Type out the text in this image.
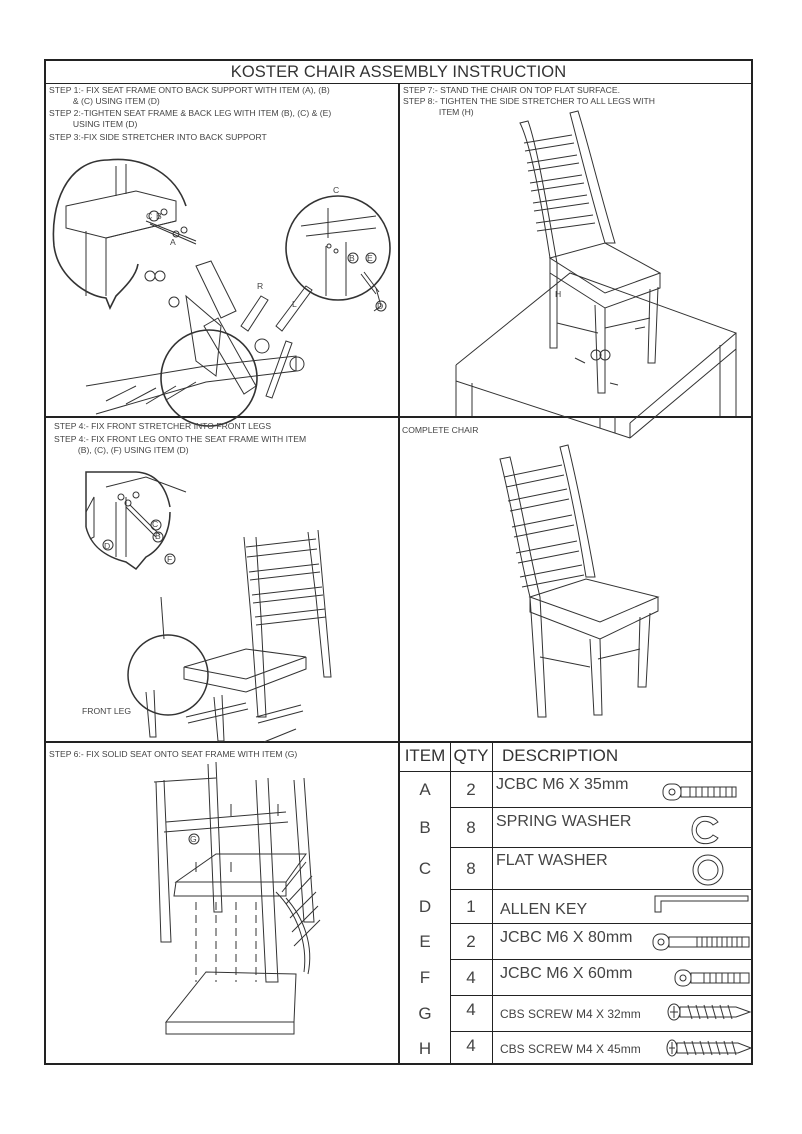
KOSTER CHAIR ASSEMBLY INSTRUCTION
STEP 1:- FIX SEAT FRAME ONTO BACK SUPPORT WITH ITEM (A), (B)
& (C) USING ITEM (D)
STEP 2:-TIGHTEN SEAT FRAME & BACK LEG WITH ITEM (B), (C) & (E)
USING ITEM (D)
STEP 3:-FIX SIDE STRETCHER INTO BACK SUPPORT
C B
A
R
L
C
B E
D
STEP 7:- STAND THE CHAIR ON TOP FLAT SURFACE.
STEP 8:- TIGHTEN THE SIDE STRETCHER TO ALL LEGS WITH
ITEM (H)
STEP 4:- FIX FRONT STRETCHER INTO FRONT LEGS
STEP 4:- FIX FRONT LEG ONTO THE SEAT FRAME WITH ITEM
(B), (C), (F) USING ITEM (D)
C
B
D
F
FRONT LEG
COMPLETE CHAIR
STEP 6:- FIX SOLID SEAT ONTO SEAT FRAME WITH ITEM (G)
G
ITEM QTY DESCRIPTION
A	2	JCBC M6 X 35mm
B	8	SPRING WASHER
C	8	FLAT WASHER
D	1	ALLEN KEY
E	2	JCBC M6 X 80mm
F	4	JCBC M6 X 60mm
G	4	CBS SCREW M4 X 32mm
H	4	CBS SCREW M4 X 45mm
H
